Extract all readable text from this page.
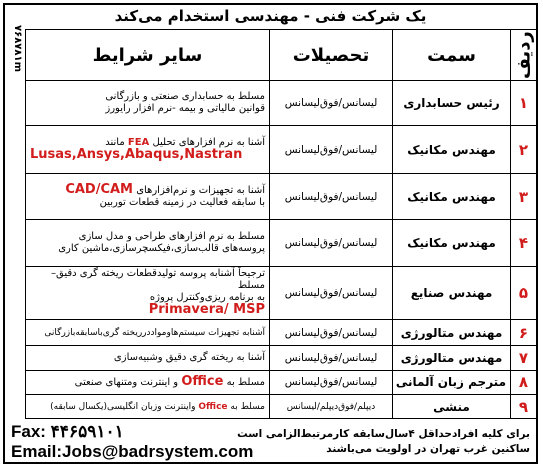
یک شرکت فنی - مهندسی استخدام می‌کند
۷۶۸۷۸۱m	ردیف	سمت	تحصیلات	سایر شرایط
۱	رئیس حسابداری	لیسانس/فوق‌لیسانس	مسلط به حسابداری صنعتی و بازرگانی
قوانین مالیاتی و بیمه -نرم افزار رایورز

۲	مهندس مکانیک	لیسانس/فوق‌لیسانس	آشنا به نرم افزارهای تحلیل FEA مانند
Lusas,Ansys,Abaqus,Nastran

۳	مهندس مکانیک	لیسانس/فوق‌لیسانس	آشنا به تجهیزات و نرم‌افزارهای CAD/CAM
با سابقه فعالیت در زمینه قطعات توربین

۴	مهندس مکانیک	لیسانس/فوق‌لیسانس	مسلط به نرم افزارهای طراحی و مدل سازی
پروسه‌های قالب‌سازی،فیکسچرسازی،ماشین کاری

۵	مهندس صنایع	لیسانس/فوق‌لیسانس	ترجیحاً آشنابه پروسه تولیدقطعات ریخته گری دقیق–مسلط
به برنامه ریزی‌وکنترل پروژه
Primavera/ MSP

۶	مهندس متالورژی	لیسانس/فوق‌لیسانس	آشنابه تجهیزات سیستم‌هاومواددرریخته گری‌باسابقه‌بازرگانی

۷	مهندس متالورژی	لیسانس/فوق‌لیسانس	آشنا به ریخته گری دقیق وشبیه‌سازی

۸	مترجم زبان آلمانی	لیسانس/فوق‌لیسانس	مسلط به Office و اینترنت ومتنهای صنعتی

۹	منشی	دیپلم/فوق‌دیپلم/لیسانس	مسلط به Office واینترنت وزبان انگلیسی(یکسال سابقه)
برای کلیه افرادحداقل ۴سال‌سابقه کارمرتبط‌الزامی است
ساکنین غرب تهران در اولویت می‌باشند
Fax: ۴۴۶۵۹۱۰۱
Email:Jobs@badrsystem.com
